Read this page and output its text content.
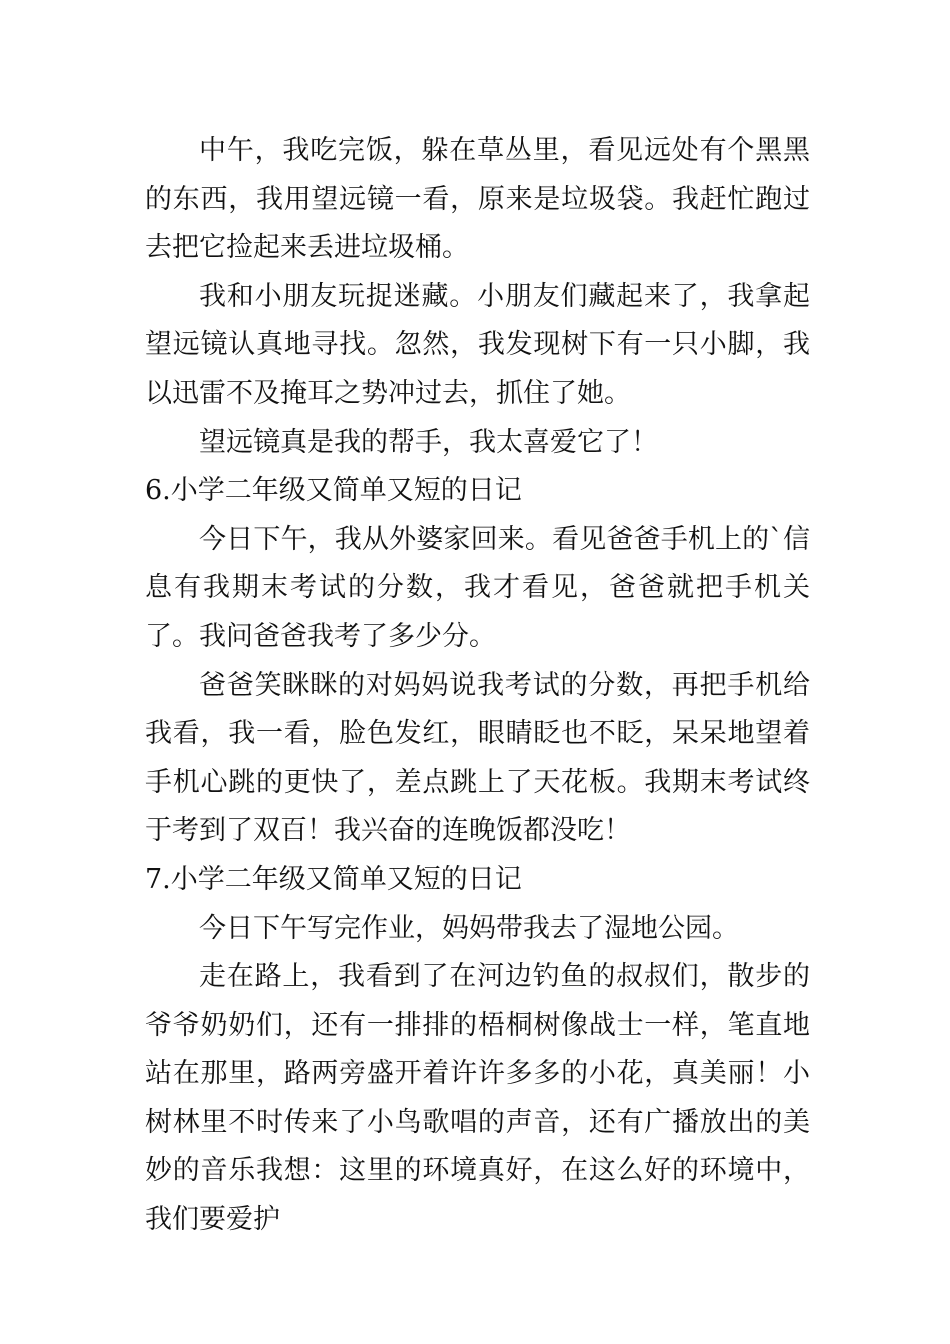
中午，我吃完饭，躲在草丛里，看见远处有个黑黑的东西，我用望远镜一看，原来是垃圾袋。我赶忙跑过去把它捡起来丢进垃圾桶。

我和小朋友玩捉迷藏。小朋友们藏起来了，我拿起望远镜认真地寻找。忽然，我发现树下有一只小脚，我以迅雷不及掩耳之势冲过去，抓住了她。

望远镜真是我的帮手，我太喜爱它了！

6.小学二年级又简单又短的日记

今日下午，我从外婆家回来。看见爸爸手机上的`信息有我期末考试的分数，我才看见，爸爸就把手机关了。我问爸爸我考了多少分。

爸爸笑眯眯的对妈妈说我考试的分数，再把手机给我看，我一看，脸色发红，眼睛眨也不眨，呆呆地望着手机心跳的更快了，差点跳上了天花板。我期末考试终于考到了双百！我兴奋的连晚饭都没吃！

7.小学二年级又简单又短的日记

今日下午写完作业，妈妈带我去了湿地公园。

走在路上，我看到了在河边钓鱼的叔叔们，散步的爷爷奶奶们，还有一排排的梧桐树像战士一样，笔直地站在那里，路两旁盛开着许许多多的小花，真美丽！小树林里不时传来了小鸟歌唱的声音，还有广播放出的美妙的音乐我想：这里的环境真好，在这么好的环境中，我们要爱护
